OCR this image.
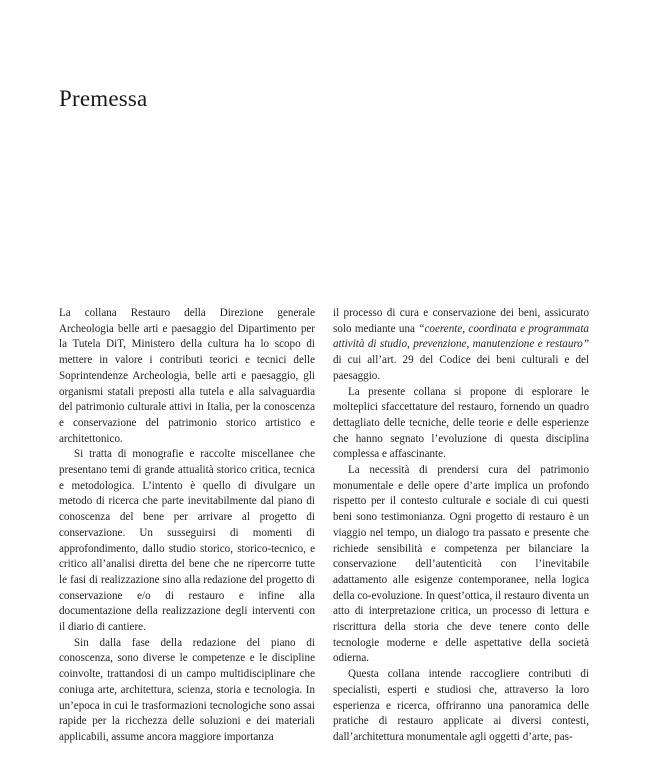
Premessa

La collana Restauro della Direzione generale Archeologia belle arti e paesaggio del Dipartimento per la Tutela DiT, Ministero della cultura ha lo scopo di mettere in valore i contributi teorici e tecnici delle Soprintendenze Archeologia, belle arti e paesaggio, gli organismi statali preposti alla tutela e alla salvaguardia del patrimonio culturale attivi in Italia, per la conoscenza e conservazione del patrimonio storico artistico e architettonico.

Si tratta di monografie e raccolte miscellanee che presentano temi di grande attualità storico critica, tecnica e metodologica. L’intento è quello di divulgare un metodo di ricerca che parte inevitabilmente dal piano di conoscenza del bene per arrivare al progetto di conservazione. Un susseguirsi di momenti di approfondimento, dallo studio storico, storico-tecnico, e critico all’analisi diretta del bene che ne ripercorre tutte le fasi di realizzazione sino alla redazione del progetto di conservazione e/o di restauro e infine alla documentazione della realizzazione degli interventi con il diario di cantiere.

Sin dalla fase della redazione del piano di conoscenza, sono diverse le competenze e le discipline coinvolte, trattandosi di un campo multidisciplinare che coniuga arte, architettura, scienza, storia e tecnologia. In un’epoca in cui le trasformazioni tecnologiche sono assai rapide per la ricchezza delle soluzioni e dei materiali applicabili, assume ancora maggiore importanza

il processo di cura e conservazione dei beni, assicurato solo mediante una “coerente, coordinata e programmata attività di studio, prevenzione, manutenzione e restauro” di cui all’art. 29 del Codice dei beni culturali e del paesaggio.

La presente collana si propone di esplorare le molteplici sfaccettature del restauro, fornendo un quadro dettagliato delle tecniche, delle teorie e delle esperienze che hanno segnato l’evoluzione di questa disciplina complessa e affascinante.

La necessità di prendersi cura del patrimonio monumentale e delle opere d’arte implica un profondo rispetto per il contesto culturale e sociale di cui questi beni sono testimonianza. Ogni progetto di restauro è un viaggio nel tempo, un dialogo tra passato e presente che richiede sensibilità e competenza per bilanciare la conservazione dell’autenticità con l’inevitabile adattamento alle esigenze contemporanee, nella logica della co-evoluzione. In quest’ottica, il restauro diventa un atto di interpretazione critica, un processo di lettura e riscrittura della storia che deve tenere conto delle tecnologie moderne e delle aspettative della società odierna.

Questa collana intende raccogliere contributi di specialisti, esperti e studiosi che, attraverso la loro esperienza e ricerca, offriranno una panoramica delle pratiche di restauro applicate ai diversi contesti, dall’architettura monumentale agli oggetti d’arte, pas-
